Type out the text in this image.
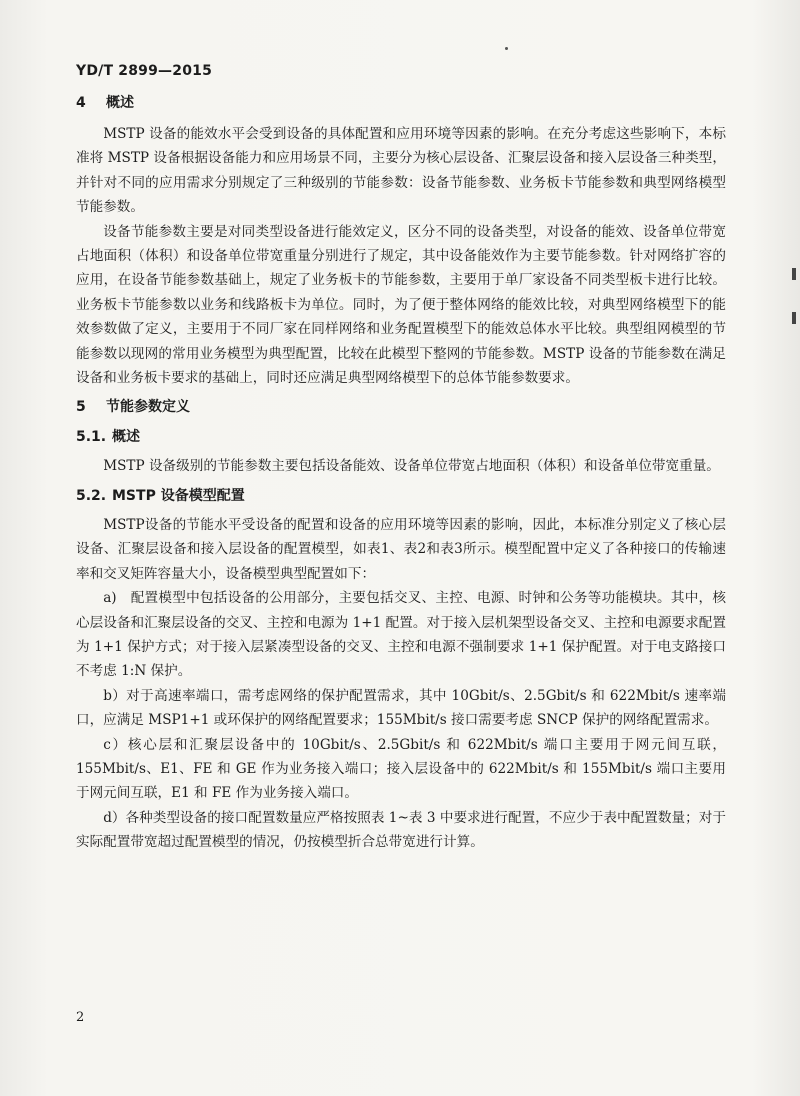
YD/T 2899—2015
4 概述

MSTP 设备的能效水平会受到设备的具体配置和应用环境等因素的影响。在充分考虑这些影响下，本标准将 MSTP 设备根据设备能力和应用场景不同，主要分为核心层设备、汇聚层设备和接入层设备三种类型，并针对不同的应用需求分别规定了三种级别的节能参数：设备节能参数、业务板卡节能参数和典型网络模型节能参数。

设备节能参数主要是对同类型设备进行能效定义，区分不同的设备类型，对设备的能效、设备单位带宽占地面积（体积）和设备单位带宽重量分别进行了规定，其中设备能效作为主要节能参数。针对网络扩容的应用，在设备节能参数基础上，规定了业务板卡的节能参数，主要用于单厂家设备不同类型板卡进行比较。业务板卡节能参数以业务和线路板卡为单位。同时，为了便于整体网络的能效比较，对典型网络模型下的能效参数做了定义，主要用于不同厂家在同样网络和业务配置模型下的能效总体水平比较。典型组网模型的节能参数以现网的常用业务模型为典型配置，比较在此模型下整网的节能参数。MSTP 设备的节能参数在满足设备和业务板卡要求的基础上，同时还应满足典型网络模型下的总体节能参数要求。

5 节能参数定义
5.1. 概述

MSTP 设备级别的节能参数主要包括设备能效、设备单位带宽占地面积（体积）和设备单位带宽重量。

5.2. MSTP 设备模型配置

MSTP设备的节能水平受设备的配置和设备的应用环境等因素的影响，因此，本标准分别定义了核心层设备、汇聚层设备和接入层设备的配置模型，如表1、表2和表3所示。模型配置中定义了各种接口的传输速率和交叉矩阵容量大小，设备模型典型配置如下：

a)　配置模型中包括设备的公用部分，主要包括交叉、主控、电源、时钟和公务等功能模块。其中，核心层设备和汇聚层设备的交叉、主控和电源为 1+1 配置。对于接入层机架型设备交叉、主控和电源要求配置为 1+1 保护方式；对于接入层紧凑型设备的交叉、主控和电源不强制要求 1+1 保护配置。对于电支路接口不考虑 1:N 保护。

b）对于高速率端口，需考虑网络的保护配置需求，其中 10Gbit/s、2.5Gbit/s 和 622Mbit/s 速率端口，应满足 MSP1+1 或环保护的网络配置要求；155Mbit/s 接口需要考虑 SNCP 保护的网络配置需求。

c）核心层和汇聚层设备中的 10Gbit/s、2.5Gbit/s 和 622Mbit/s 端口主要用于网元间互联，155Mbit/s、E1、FE 和 GE 作为业务接入端口；接入层设备中的 622Mbit/s 和 155Mbit/s 端口主要用于网元间互联，E1 和 FE 作为业务接入端口。

d）各种类型设备的接口配置数量应严格按照表 1~表 3 中要求进行配置，不应少于表中配置数量；对于实际配置带宽超过配置模型的情况，仍按模型折合总带宽进行计算。

2
